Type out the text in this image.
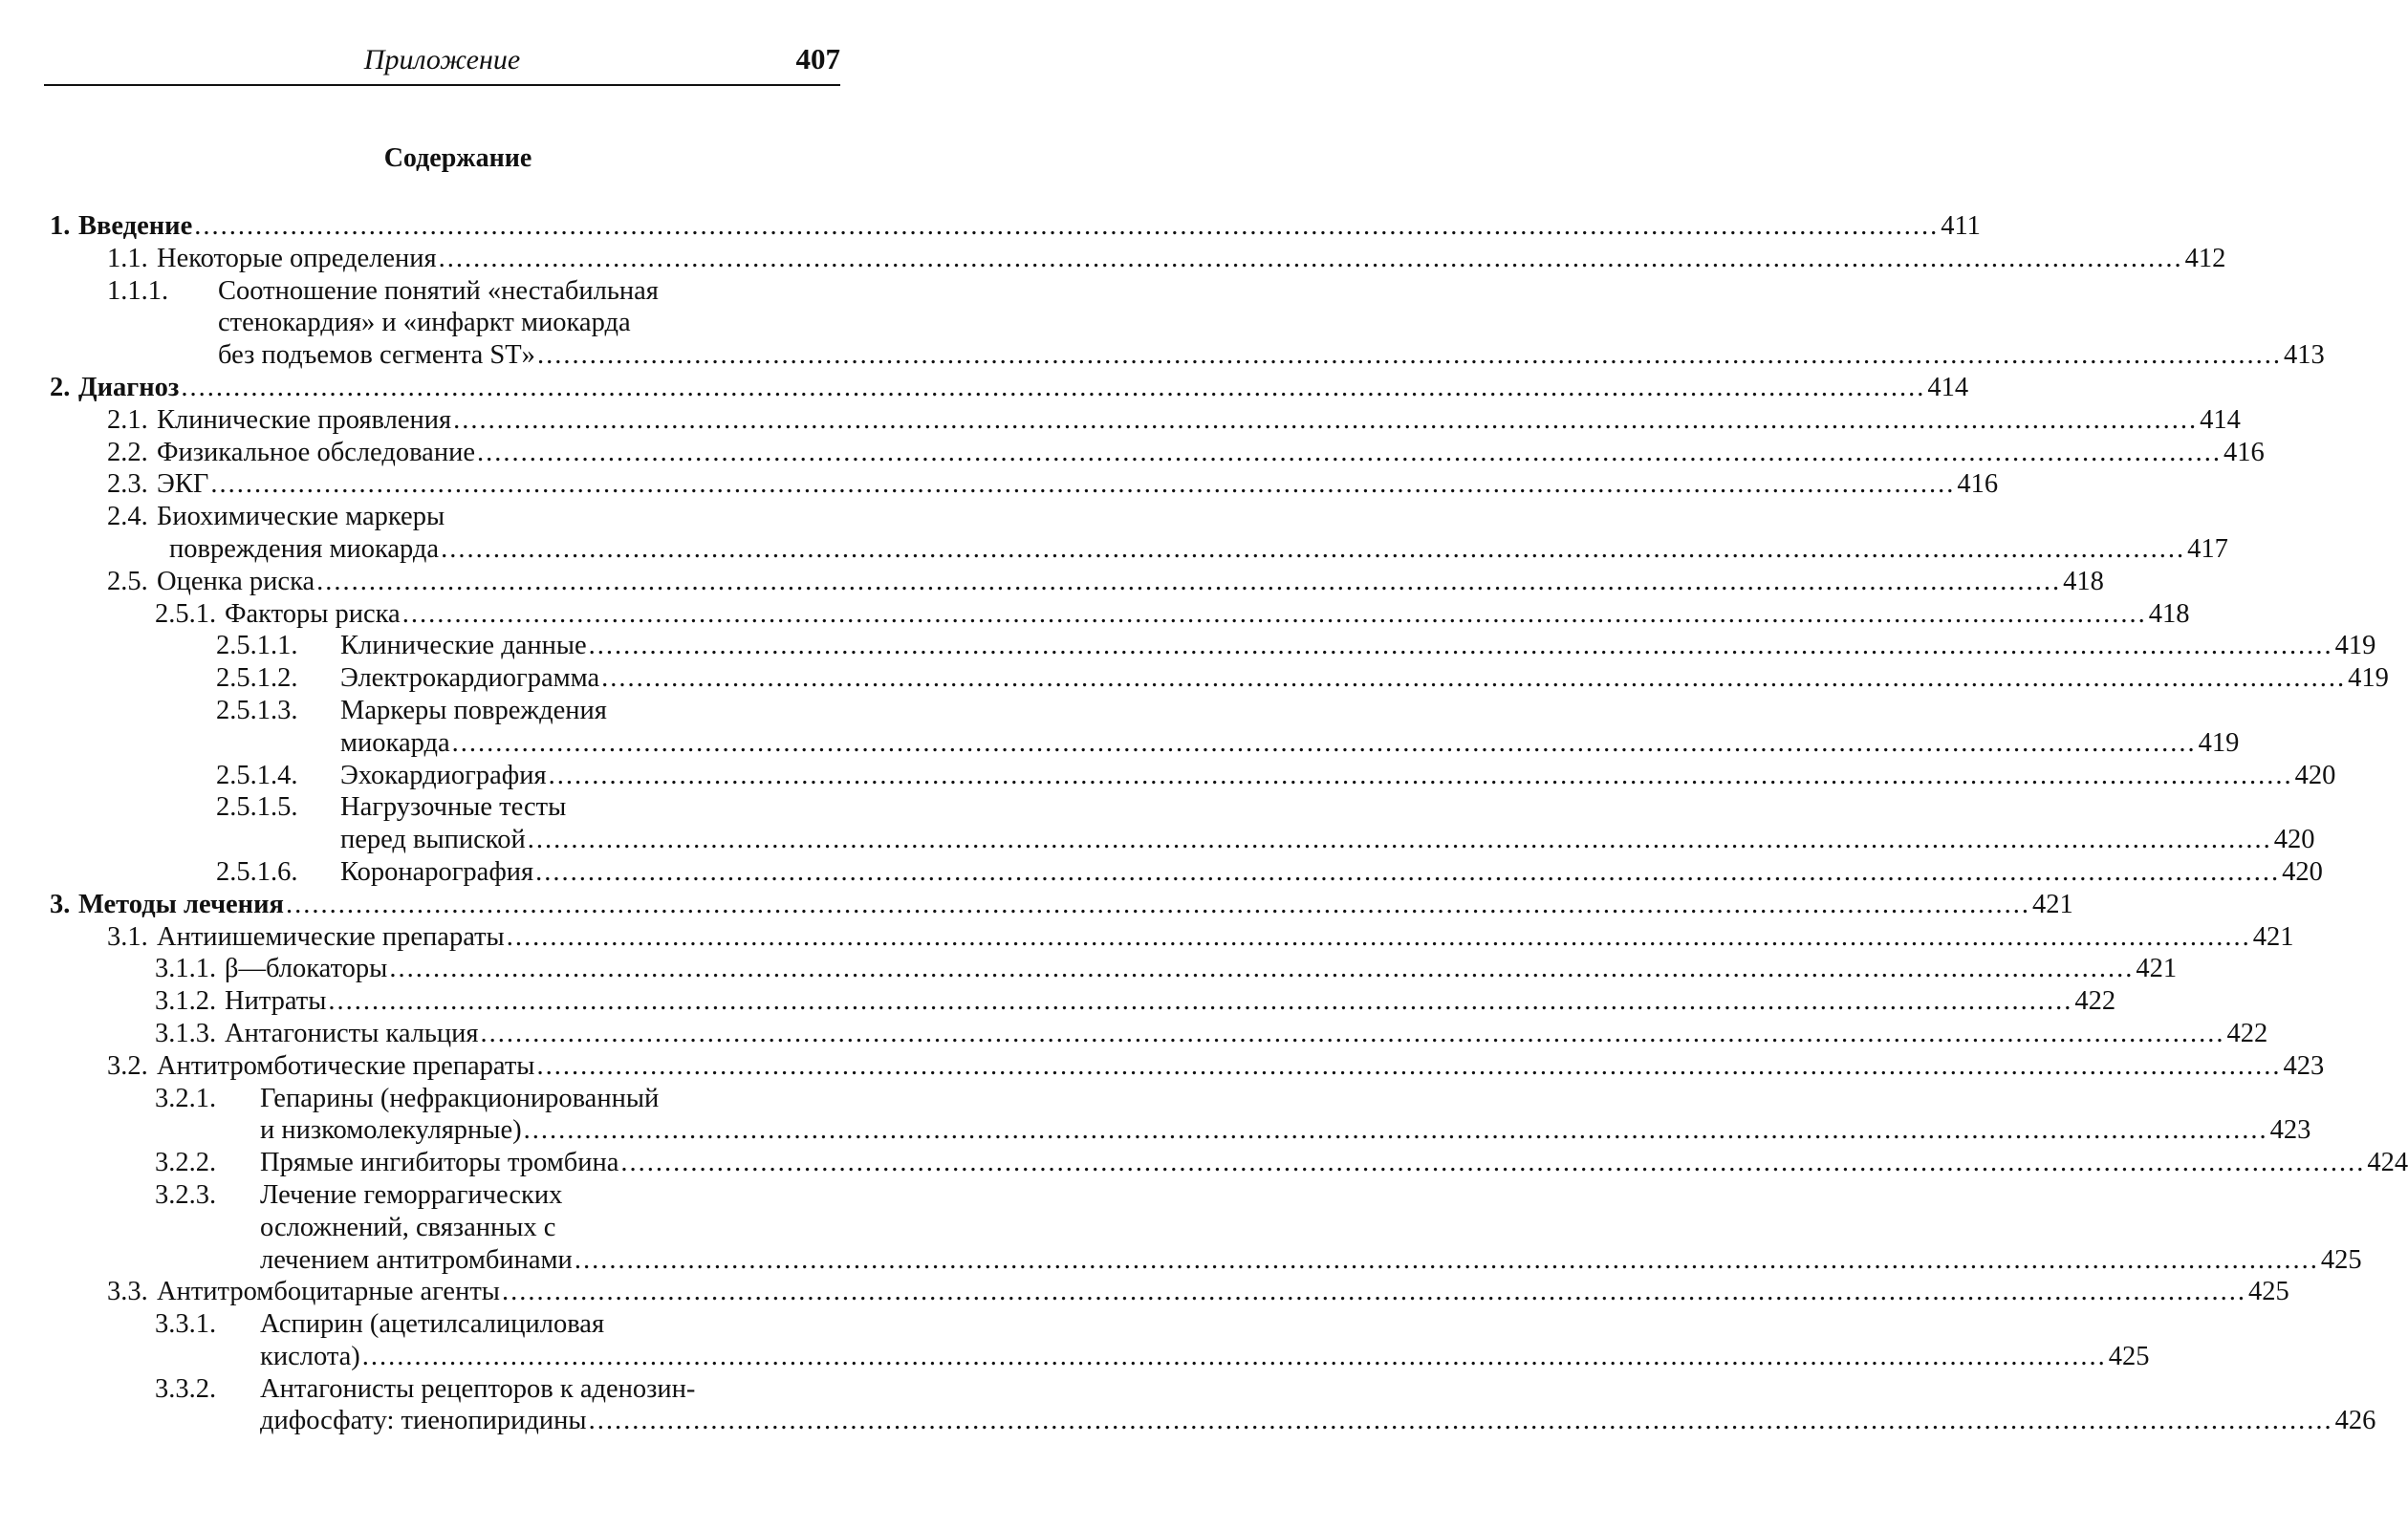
Приложение	407
Содержание
1. Введение ........................................................................................................................................................................................................ 411
1.1. Некоторые определения ........................................................................................................................................................................................................ 412
1.1.1. Соотношение понятий «нестабильная
стенокардия» и «инфаркт миокарда
без подъемов сегмента ST» ........................................................................................................................................................................................................ 413
2. Диагноз ........................................................................................................................................................................................................ 414
2.1. Клинические проявления ........................................................................................................................................................................................................ 414
2.2. Физикальное обследование ........................................................................................................................................................................................................ 416
2.3. ЭКГ ........................................................................................................................................................................................................ 416
2.4. Биохимические маркеры
повреждения миокарда ........................................................................................................................................................................................................ 417
2.5. Оценка риска ........................................................................................................................................................................................................ 418
2.5.1. Факторы риска ........................................................................................................................................................................................................ 418
2.5.1.1. Клинические данные ........................................................................................................................................................................................................ 419
2.5.1.2. Электрокардиограмма ........................................................................................................................................................................................................ 419
2.5.1.3. Маркеры повреждения
миокарда ........................................................................................................................................................................................................ 419
2.5.1.4. Эхокардиография ........................................................................................................................................................................................................ 420
2.5.1.5. Нагрузочные тесты
перед выпиской ........................................................................................................................................................................................................ 420
2.5.1.6. Коронарография ........................................................................................................................................................................................................ 420
3. Методы лечения ........................................................................................................................................................................................................ 421
3.1. Антиишемические препараты ........................................................................................................................................................................................................ 421
3.1.1. β—блокаторы ........................................................................................................................................................................................................ 421
3.1.2. Нитраты ........................................................................................................................................................................................................ 422
3.1.3. Антагонисты кальция ........................................................................................................................................................................................................ 422
3.2. Антитромботические препараты ........................................................................................................................................................................................................ 423
3.2.1. Гепарины (нефракционированный
и низкомолекулярные) ........................................................................................................................................................................................................ 423
3.2.2. Прямые ингибиторы тромбина ........................................................................................................................................................................................................ 424
3.2.3. Лечение геморрагических
осложнений, связанных с
лечением антитромбинами ........................................................................................................................................................................................................ 425
3.3. Антитромбоцитарные агенты ........................................................................................................................................................................................................ 425
3.3.1. Аспирин (ацетилсалициловая
кислота) ........................................................................................................................................................................................................ 425
3.3.2. Антагонисты рецепторов к аденозин-
дифосфату: тиенопиридины ........................................................................................................................................................................................................ 426
